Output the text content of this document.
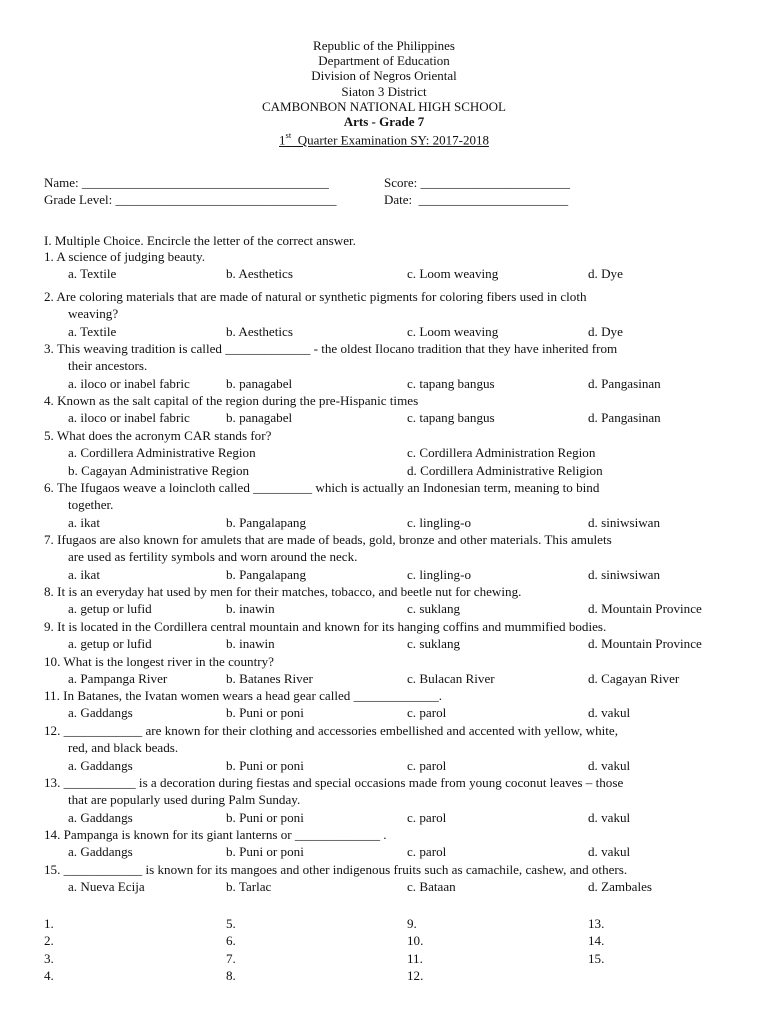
Republic of the Philippines
Department of Education
Division of Negros Oriental
Siaton 3 District
CAMBONBON NATIONAL HIGH SCHOOL
Arts - Grade 7
1st  Quarter Examination SY: 2017-2018
Name: ______________________________________	Score: _______________________
Grade Level: __________________________________	Date:  _______________________
I. Multiple Choice. Encircle the letter of the correct answer.
1. A science of judging beauty.
a. Textile	b. Aesthetics	c. Loom weaving	d. Dye
2. Are coloring materials that are made of natural or synthetic pigments for coloring fibers used in cloth
weaving?
a. Textile	b. Aesthetics	c. Loom weaving	d. Dye
3. This weaving tradition is called _____________ - the oldest Ilocano tradition that they have inherited from
their ancestors.
a. iloco or inabel fabric	b. panagabel	c. tapang bangus	d. Pangasinan
4. Known as the salt capital of the region during the pre-Hispanic times
a. iloco or inabel fabric	b. panagabel	c. tapang bangus	d. Pangasinan
5. What does the acronym CAR stands for?
a. Cordillera Administrative Region	c. Cordillera Administration Region
b. Cagayan Administrative Region	d. Cordillera Administrative Religion
6. The Ifugaos weave a loincloth called _________ which is actually an Indonesian term, meaning to bind
together.
a. ikat	b. Pangalapang	c. lingling-o	d. siniwsiwan
7. Ifugaos are also known for amulets that are made of beads, gold, bronze and other materials. This amulets
are used as fertility symbols and worn around the neck.
a. ikat	b. Pangalapang	c. lingling-o	d. siniwsiwan
8. It is an everyday hat used by men for their matches, tobacco, and beetle nut for chewing.
a. getup or lufid	b. inawin	c. suklang	d. Mountain Province
9. It is located in the Cordillera central mountain and known for its hanging coffins and mummified bodies.
a. getup or lufid	b. inawin	c. suklang	d. Mountain Province
10. What is the longest river in the country?
a. Pampanga River	b. Batanes River	c. Bulacan River	d. Cagayan River
11. In Batanes, the Ivatan women wears a head gear called _____________.
a. Gaddangs	b. Puni or poni	c. parol	d. vakul
12. ____________ are known for their clothing and accessories embellished and accented with yellow, white,
red, and black beads.
a. Gaddangs	b. Puni or poni	c. parol	d. vakul
13. ___________ is a decoration during fiestas and special occasions made from young coconut leaves – those
that are popularly used during Palm Sunday.
a. Gaddangs	b. Puni or poni	c. parol	d. vakul
14. Pampanga is known for its giant lanterns or _____________ .
a. Gaddangs	b. Puni or poni	c. parol	d. vakul
15. ____________ is known for its mangoes and other indigenous fruits such as camachile, cashew, and others.
a. Nueva Ecija	b. Tarlac	c. Bataan	d. Zambales
1.	5.	9.	13.
2.	6.	10.	14.
3.	7.	11.	15.
4.	8.	12.
